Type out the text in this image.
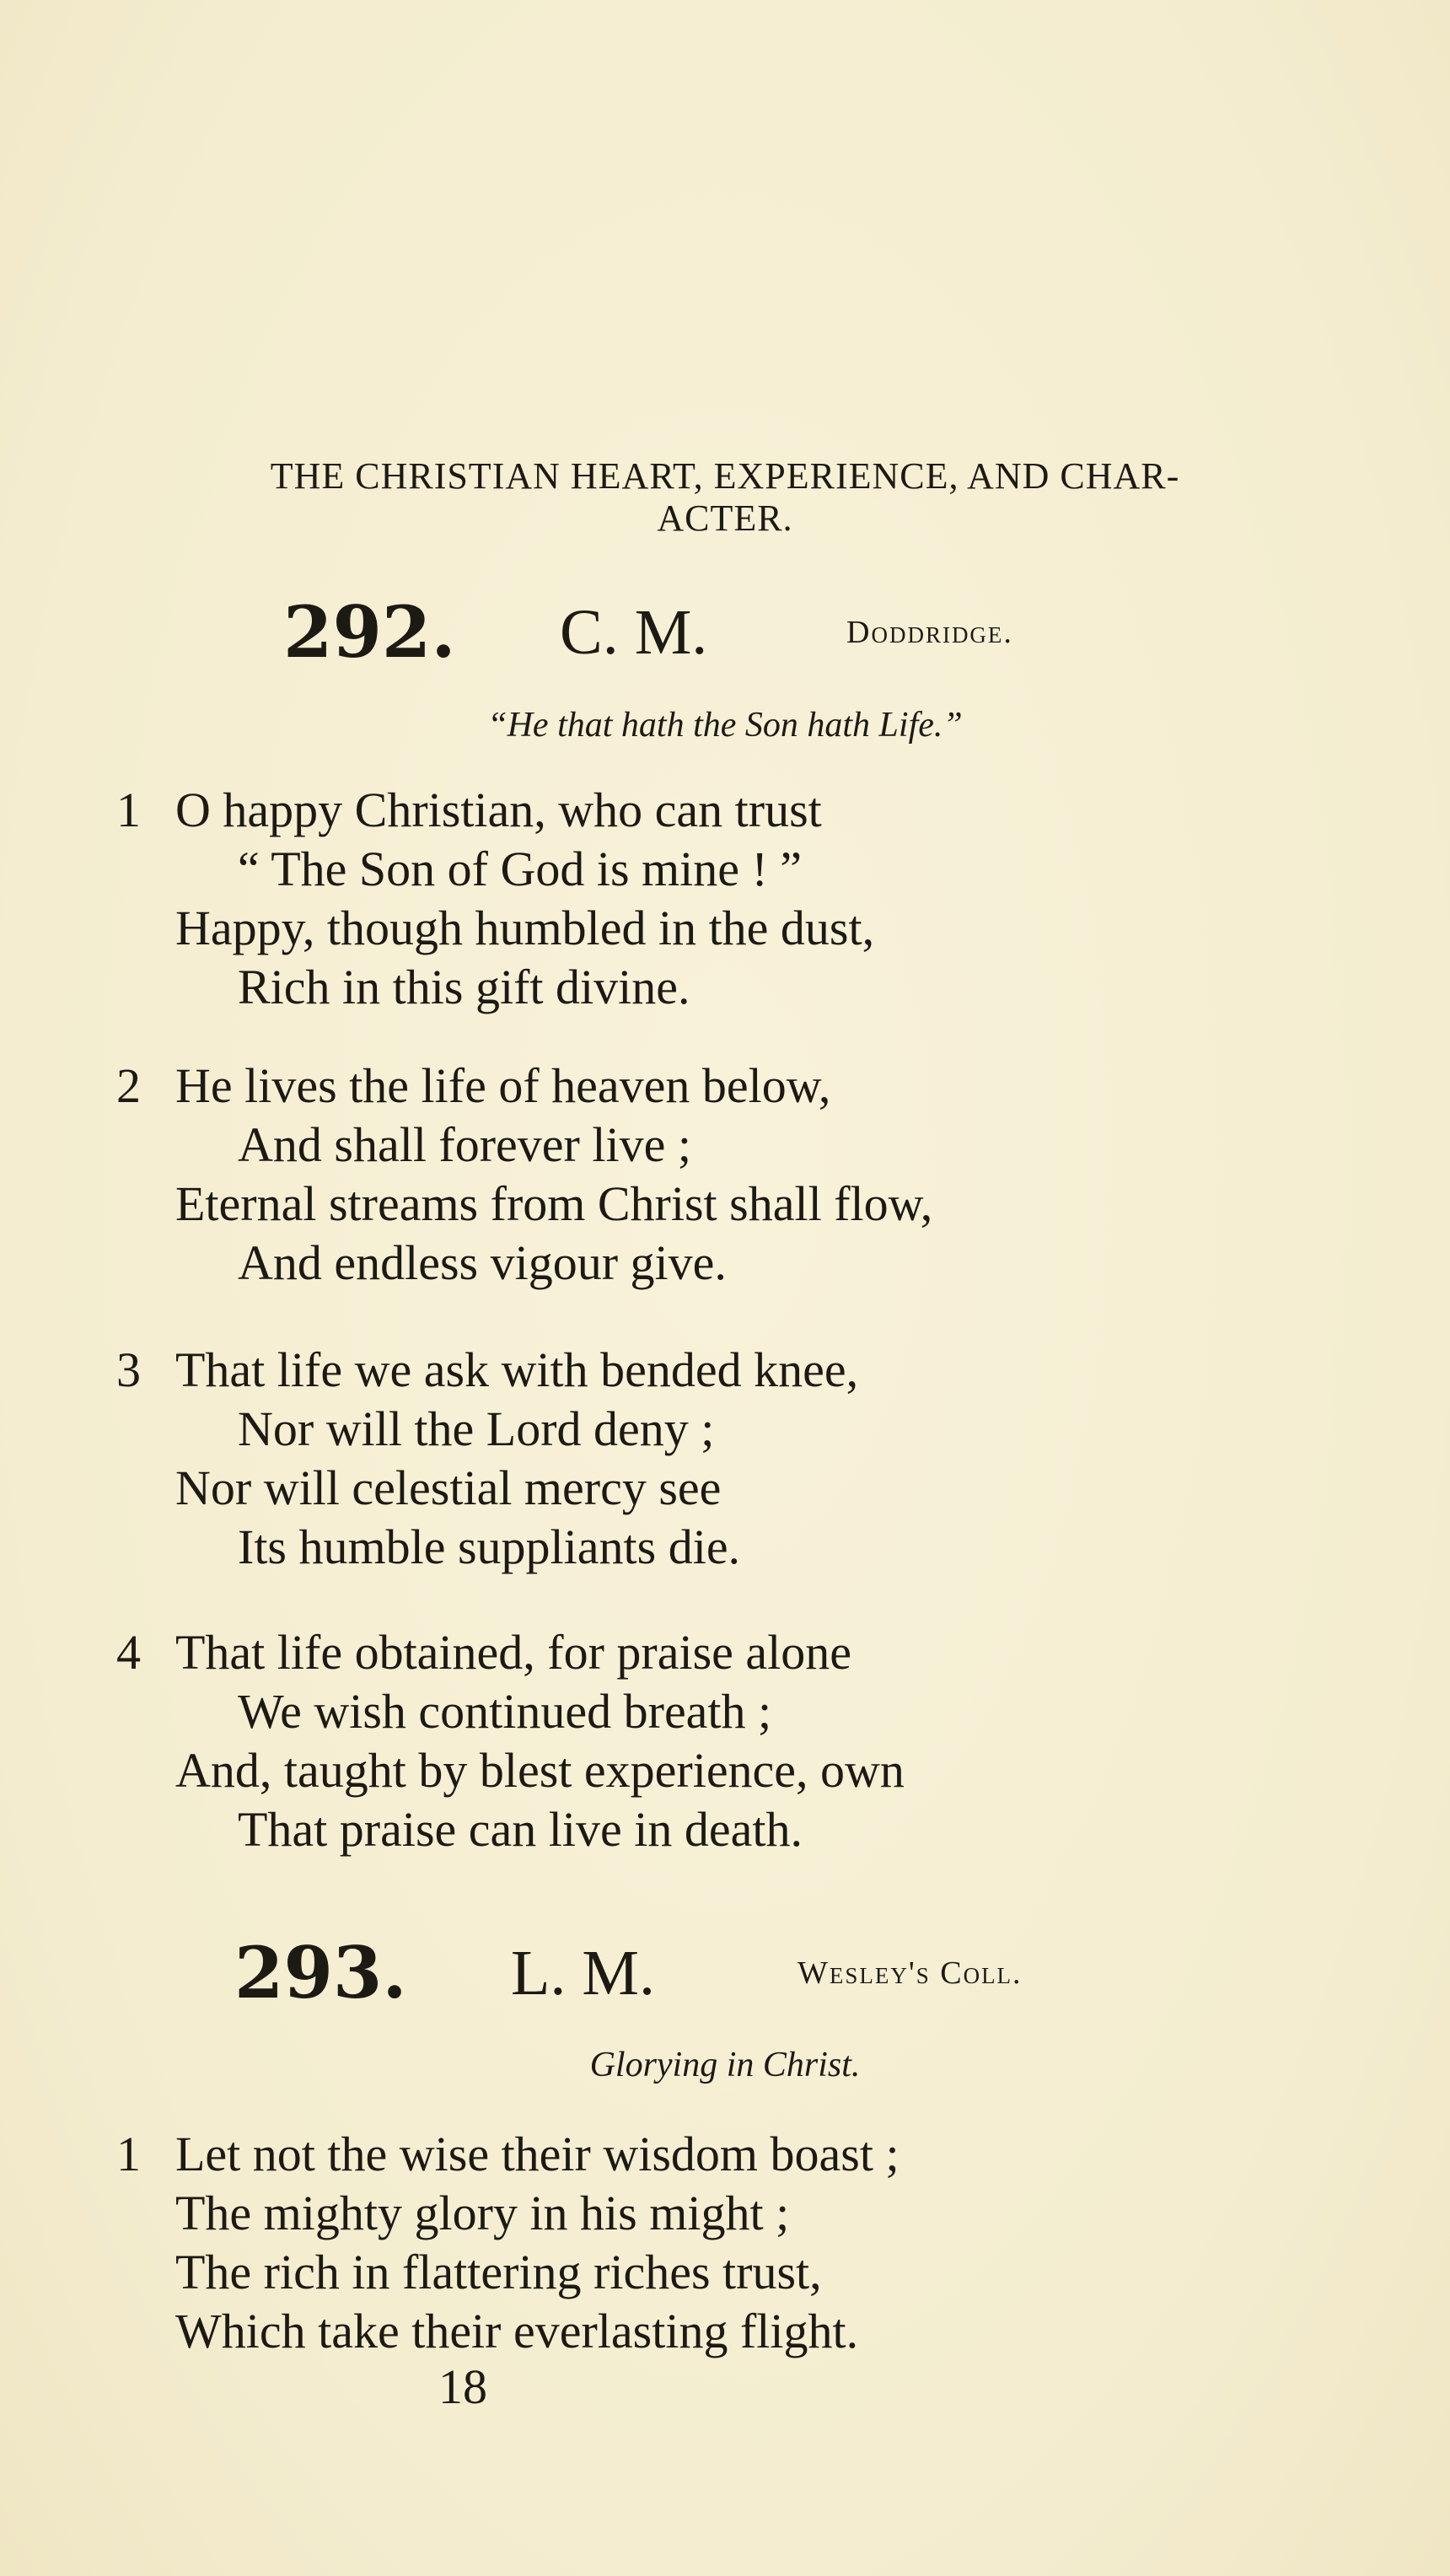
THE CHRISTIAN HEART, EXPERIENCE, AND CHAR-
ACTER.
292. C. M.	Doddridge.
“He that hath the Son hath Life.”
1 O happy Christian, who can trust
“ The Son of God is mine ! ”
Happy, though humbled in the dust,
Rich in this gift divine.
2 He lives the life of heaven below,
And shall forever live ;
Eternal streams from Christ shall flow,
And endless vigour give.
3 That life we ask with bended knee,
Nor will the Lord deny ;
Nor will celestial mercy see
Its humble suppliants die.
4 That life obtained, for praise alone
We wish continued breath ;
And, taught by blest experience, own
That praise can live in death.
293. L. M.	Wesley's Coll.
Glorying in Christ.
1 Let not the wise their wisdom boast ;
The mighty glory in his might ;
The rich in flattering riches trust,
Which take their everlasting flight.
18
